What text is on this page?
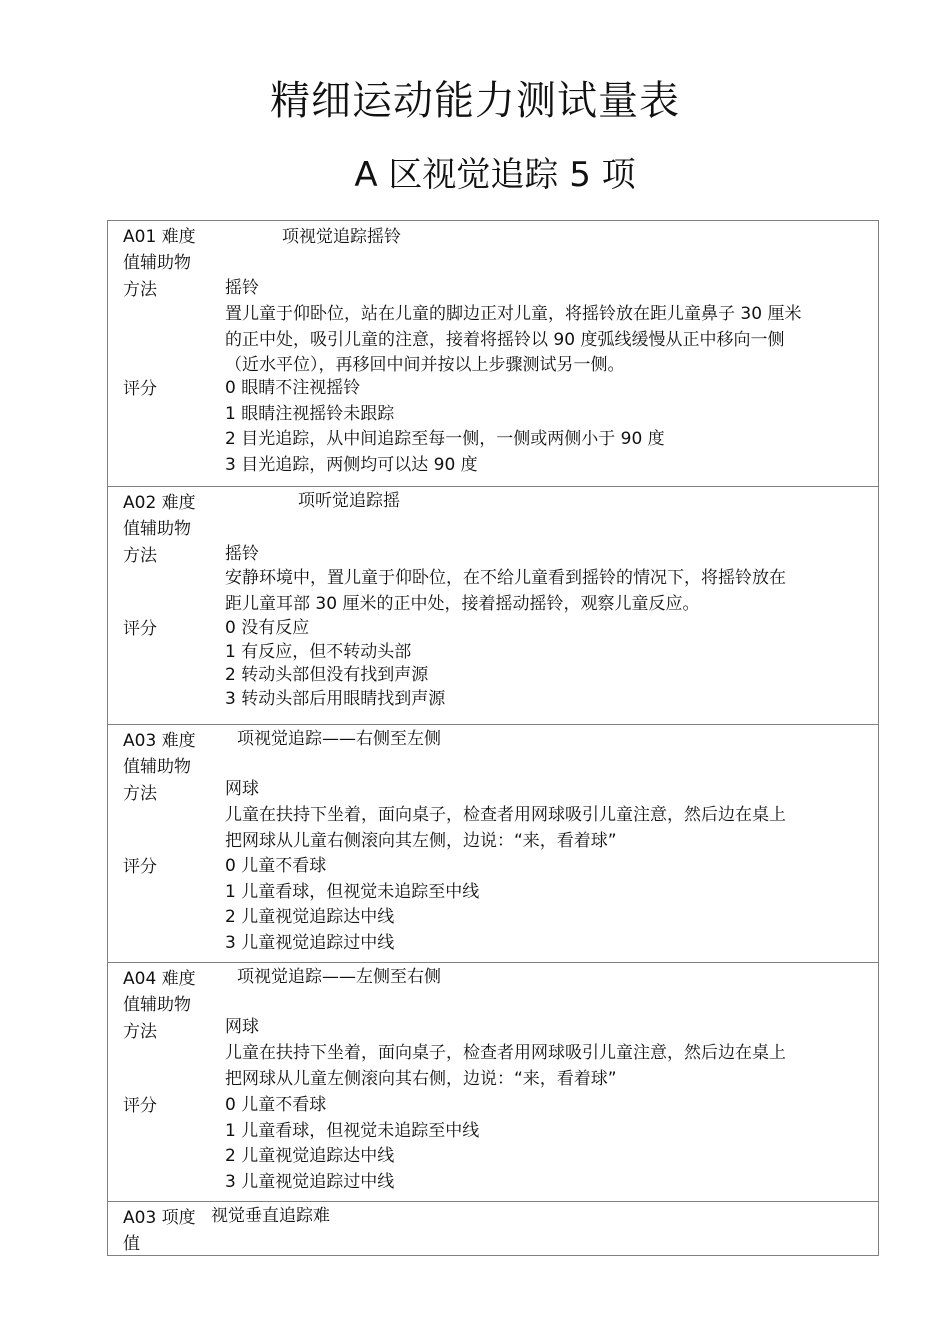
精细运动能力测试量表
A 区视觉追踪 5 项
A01 难度	项视觉追踪摇铃
值辅助物
方法	摇铃
置儿童于仰卧位，站在儿童的脚边正对儿童，将摇铃放在距儿童鼻子 30 厘米
的正中处，吸引儿童的注意，接着将摇铃以 90 度弧线缓慢从正中移向一侧
（近水平位），再移回中间并按以上步骤测试另一侧。
评分	0 眼睛不注视摇铃
1 眼睛注视摇铃未跟踪
2 目光追踪，从中间追踪至每一侧，一侧或两侧小于 90 度
3 目光追踪，两侧均可以达 90 度
A02 难度	项听觉追踪摇
值辅助物
方法	摇铃
安静环境中，置儿童于仰卧位，在不给儿童看到摇铃的情况下，将摇铃放在
距儿童耳部 30 厘米的正中处，接着摇动摇铃，观察儿童反应。
评分	0 没有反应
1 有反应，但不转动头部
2 转动头部但没有找到声源
3 转动头部后用眼睛找到声源
A03 难度 项视觉追踪——右侧至左侧
值辅助物
方法	网球
儿童在扶持下坐着，面向桌子，检查者用网球吸引儿童注意，然后边在桌上
把网球从儿童右侧滚向其左侧，边说：“来，看着球”
评分	0 儿童不看球
1 儿童看球，但视觉未追踪至中线
2 儿童视觉追踪达中线
3 儿童视觉追踪过中线
A04 难度 项视觉追踪——左侧至右侧
值辅助物
方法	网球
儿童在扶持下坐着，面向桌子，检查者用网球吸引儿童注意，然后边在桌上
把网球从儿童左侧滚向其右侧，边说：“来，看着球”
评分	0 儿童不看球
1 儿童看球，但视觉未追踪至中线
2 儿童视觉追踪达中线
3 儿童视觉追踪过中线
A03 项度 视觉垂直追踪难
值
